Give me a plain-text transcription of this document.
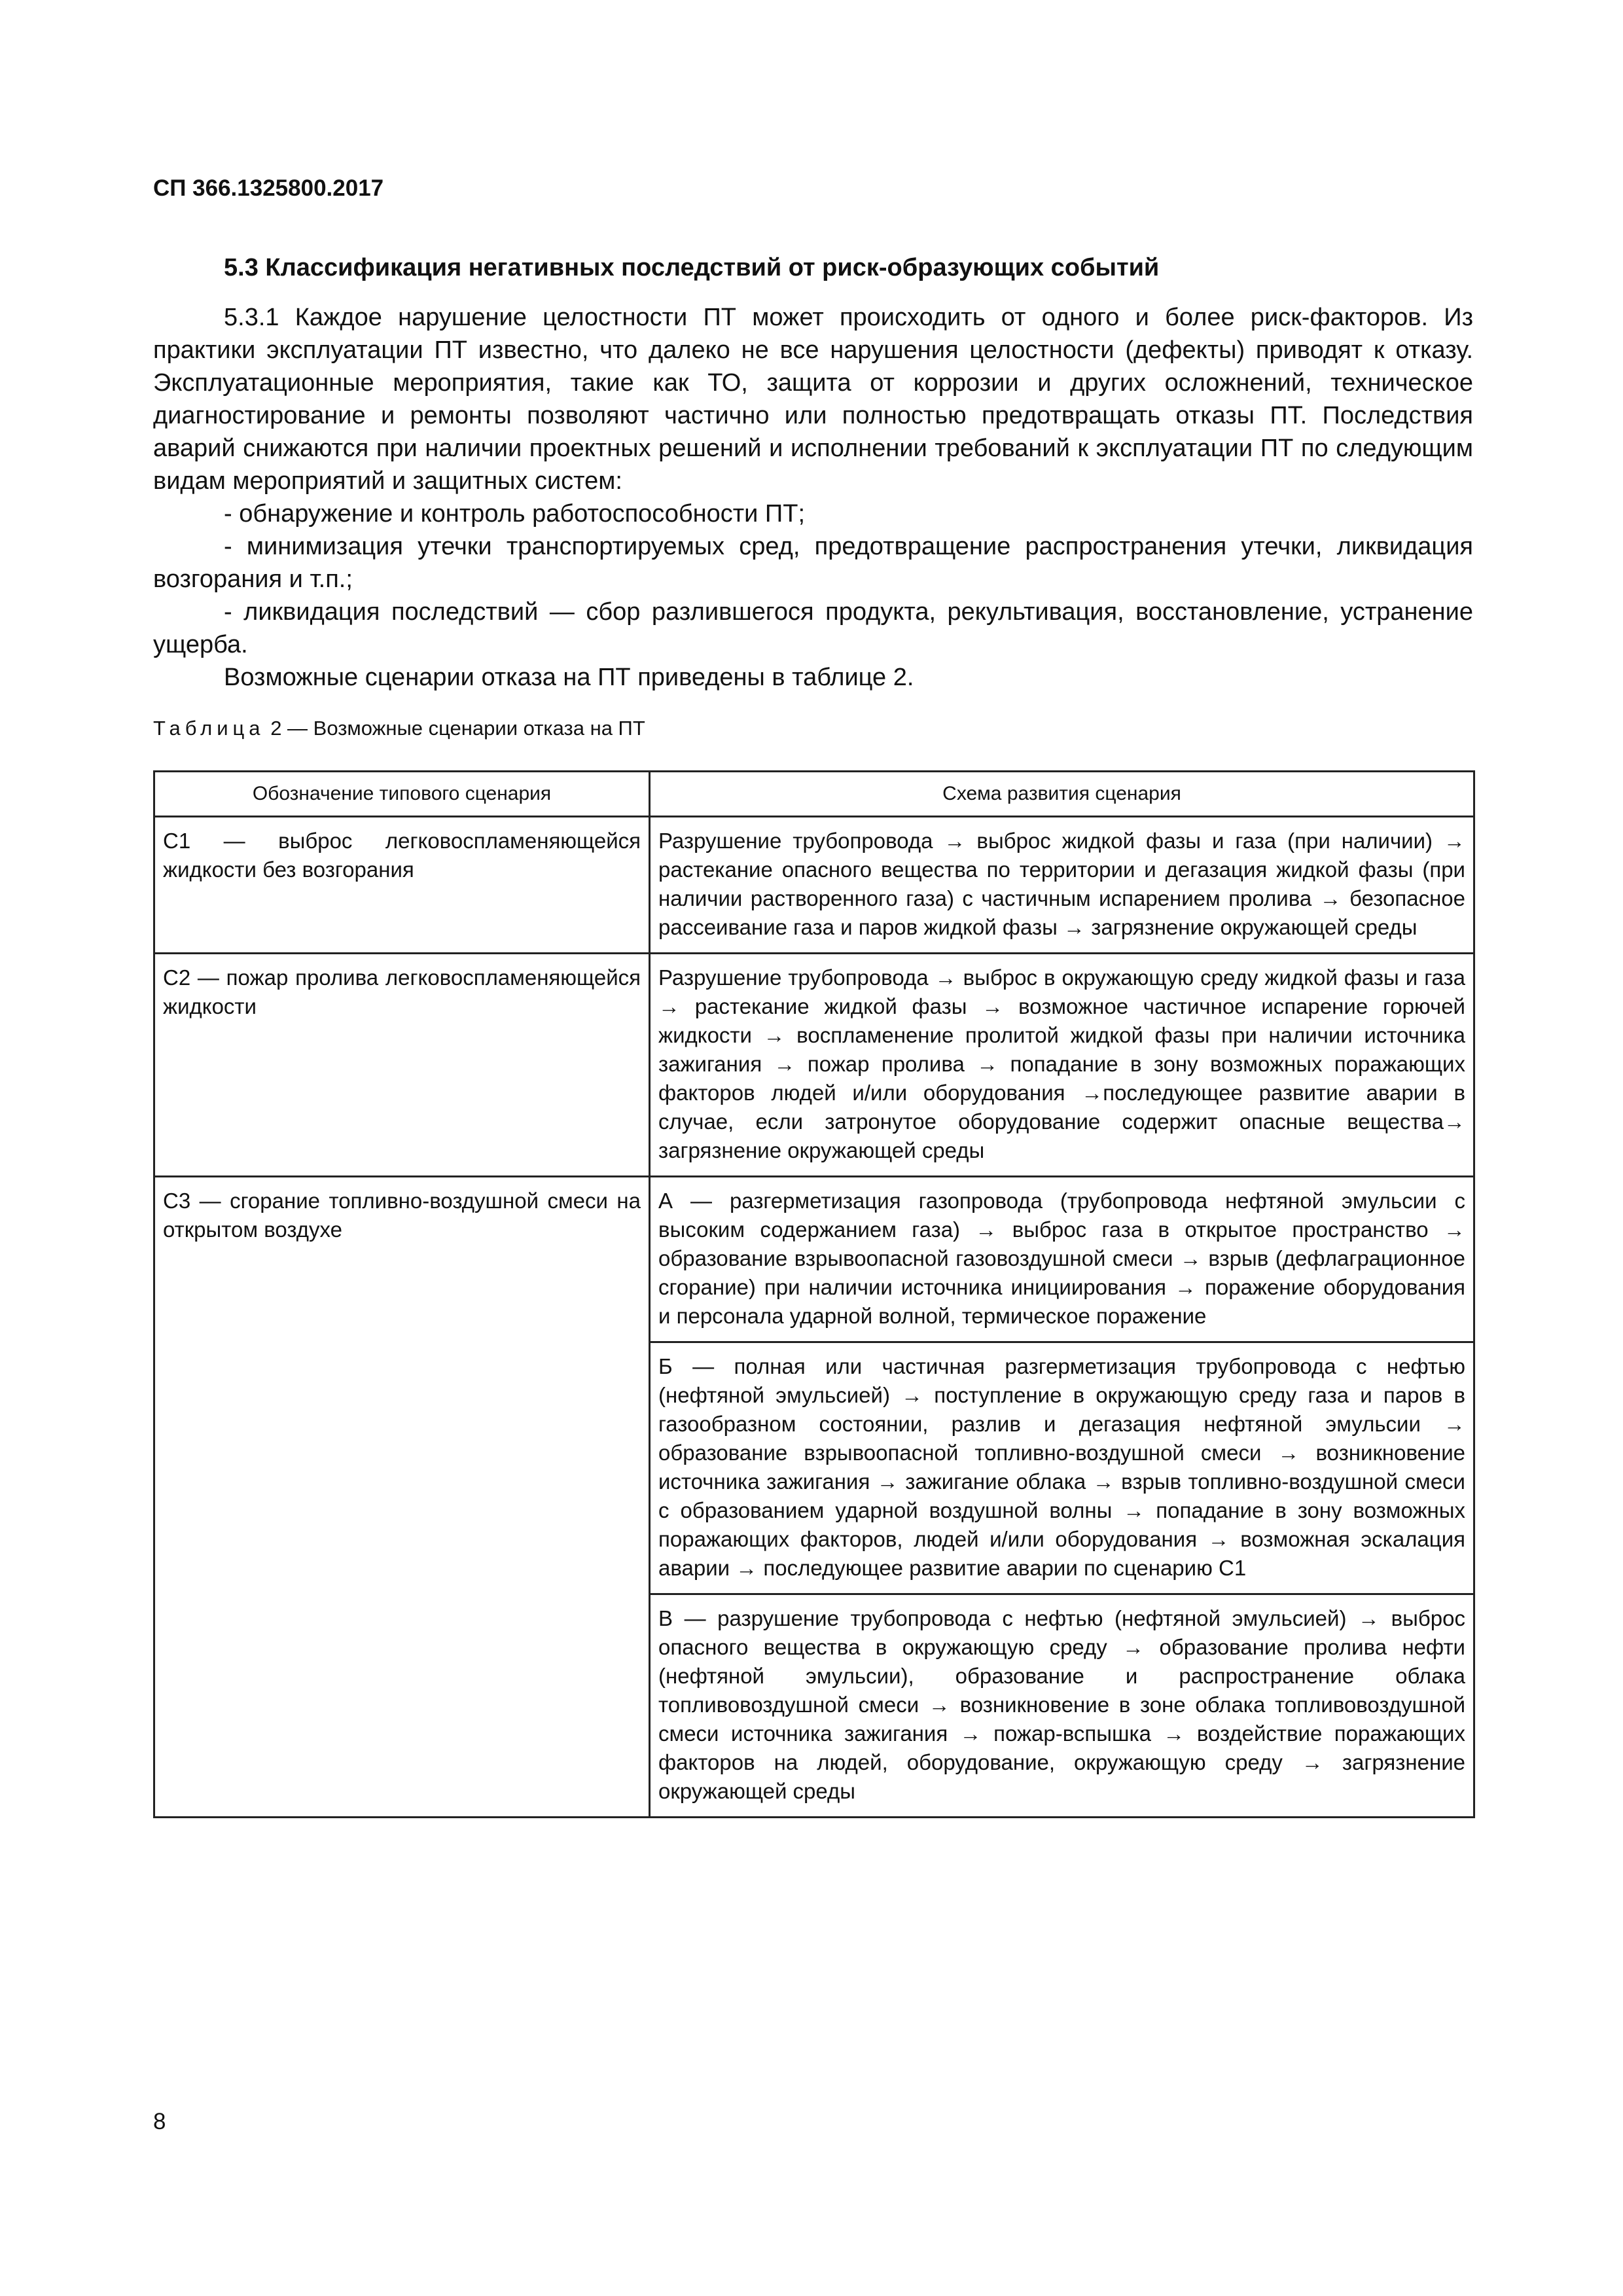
СП 366.1325800.2017
5.3 Классификация негативных последствий от риск-образующих событий

5.3.1 Каждое нарушение целостности ПТ может происходить от одного и более риск-факторов. Из практики эксплуатации ПТ известно, что далеко не все нарушения целостности (дефекты) приводят к отказу. Эксплуатационные мероприятия, такие как ТО, защита от коррозии и других осложнений, техническое диагностирование и ремонты позволяют частично или полностью предотвращать отказы ПТ. Последствия аварий снижаются при наличии проектных решений и исполнении требований к эксплуатации ПТ по следующим видам мероприятий и защитных систем:

- обнаружение и контроль работоспособности ПТ;

- минимизация утечки транспортируемых сред, предотвращение распространения утечки, ликвидация возгорания и т.п.;

- ликвидация последствий — сбор разлившегося продукта, рекультивация, восстановление, устранение ущерба.

Возможные сценарии отказа на ПТ приведены в таблице 2.

Таблица 2 — Возможные сценарии отказа на ПТ
Обозначение типового сценария	Схема развития сценария
С1 — выброс легковоспламеняющейся жидкости без возгорания	Разрушение трубопровода → выброс жидкой фазы и газа (при наличии) → растекание опасного вещества по территории и дегазация жидкой фазы (при наличии растворенного газа) с частичным испарением пролива → безопасное рассеивание газа и паров жидкой фазы → загрязнение окружающей среды
С2 — пожар пролива легковоспламеняющейся жидкости	Разрушение трубопровода → выброс в окружающую среду жидкой фазы и газа → растекание жидкой фазы → возможное частичное испарение горючей жидкости → воспламенение пролитой жидкой фазы при наличии источника зажигания → пожар пролива → попадание в зону возможных поражающих факторов людей и/или оборудования →последующее развитие аварии в случае, если затронутое оборудование содержит опасные вещества→ загрязнение окружающей среды
С3 — сгорание топливно-воздушной смеси на открытом воздухе	А — разгерметизация газопровода (трубопровода нефтяной эмульсии с высоким содержанием газа) → выброс газа в открытое пространство → образование взрывоопасной газовоздушной смеси → взрыв (дефлаграционное сгорание) при наличии источника инициирования → поражение оборудования и персонала ударной волной, термическое поражение
	Б — полная или частичная разгерметизация трубопровода с нефтью (нефтяной эмульсией) → поступление в окружающую среду газа и паров в газообразном состоянии, разлив и дегазация нефтяной эмульсии → образование взрывоопасной топливно-воздушной смеси → возникновение источника зажигания → зажигание облака → взрыв топливно-воздушной смеси с образованием ударной воздушной волны → попадание в зону возможных поражающих факторов, людей и/или оборудования → возможная эскалация аварии → последующее развитие аварии по сценарию С1
	В — разрушение трубопровода с нефтью (нефтяной эмульсией) → выброс опасного вещества в окружающую среду → образование пролива нефти (нефтяной эмульсии), образование и распространение облака топливовоздушной смеси → возникновение в зоне облака топливовоздушной смеси источника зажигания → пожар-вспышка → воздействие поражающих факторов на людей, оборудование, окружающую среду → загрязнение окружающей среды
8
